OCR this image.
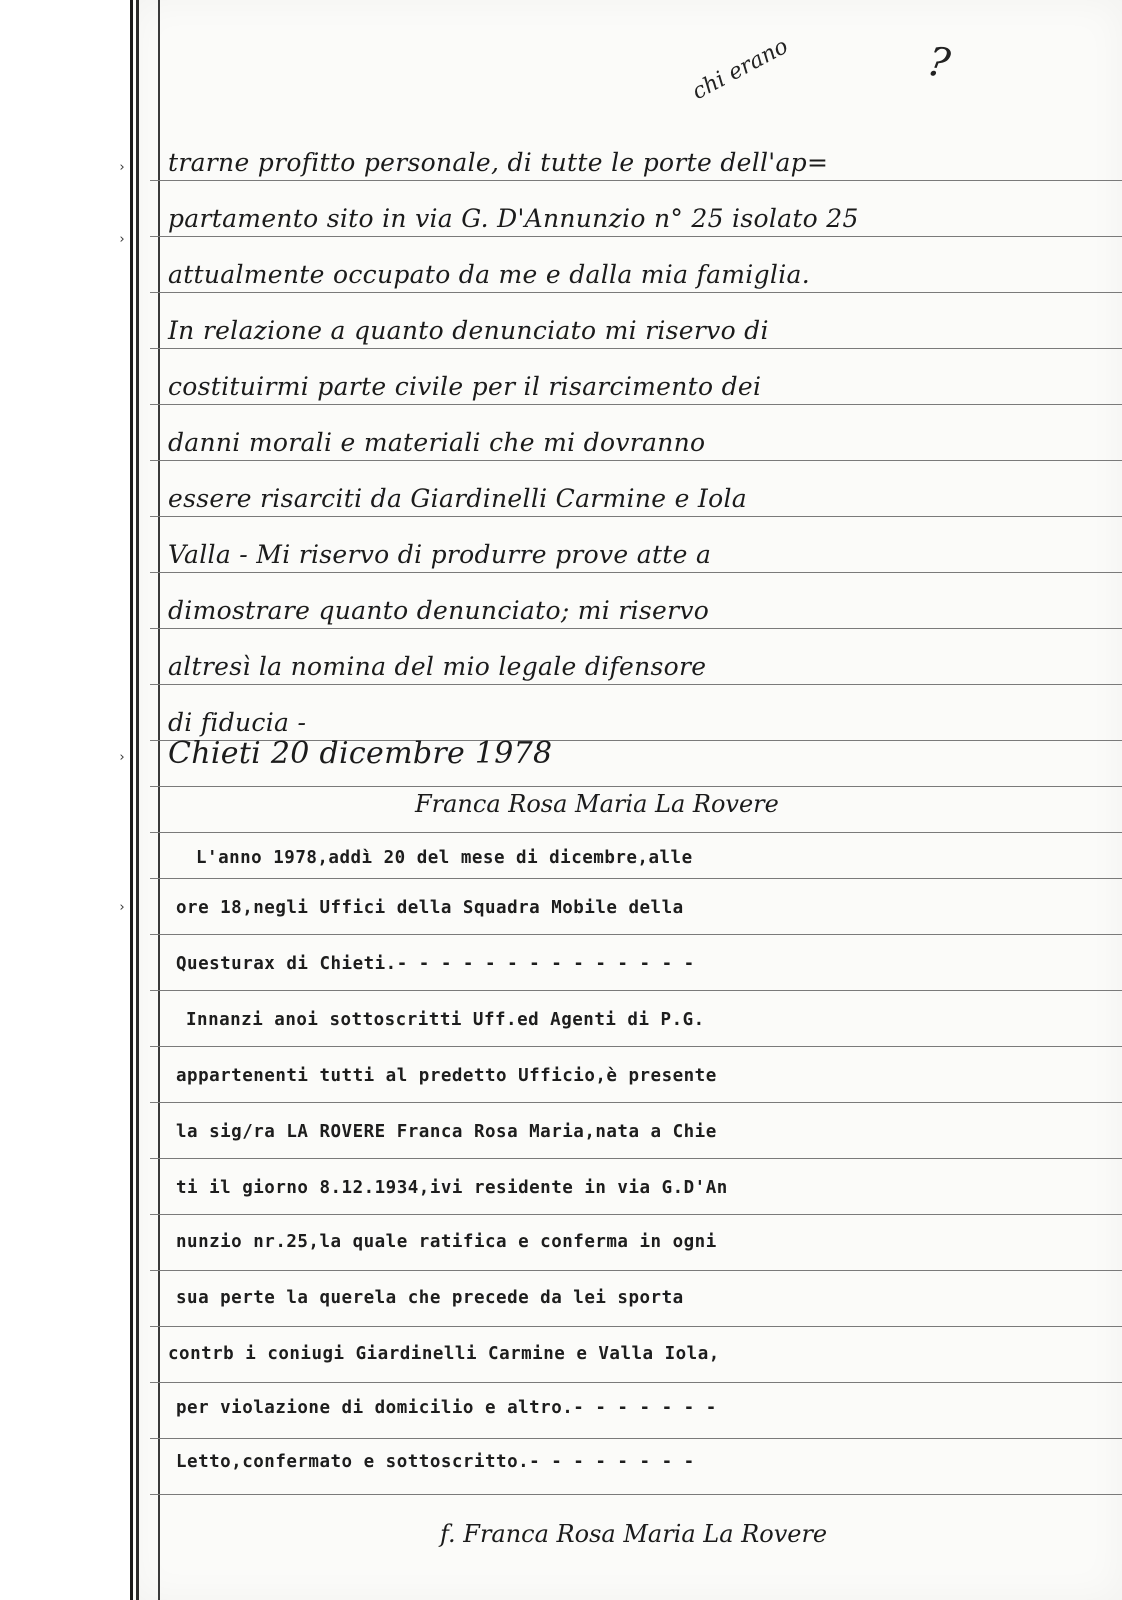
›
›
›
›
chi erano	?
trarne profitto personale, di tutte le porte dell'ap=
partamento sito in via G. D'Annunzio n° 25 isolato 25
attualmente occupato da me e dalla mia famiglia.
In relazione a quanto denunciato mi riservo di
costituirmi parte civile per il risarcimento dei
danni morali e materiali che mi dovranno
essere risarciti da Giardinelli Carmine e Iola
Valla - Mi riservo di produrre prove atte a
dimostrare quanto denunciato; mi riservo
altresì la nomina del mio legale difensore
di fiducia -
Chieti 20 dicembre 1978
Franca Rosa Maria La Rovere
L'anno 1978,addì 20 del mese di dicembre,alle
ore 18,negli Uffici della Squadra Mobile della
Questurax di Chieti.- - - - - - - - - - - - - -
Innanzi anoi sottoscritti Uff.ed Agenti di P.G.
appartenenti tutti al predetto Ufficio,è presente
la sig/ra LA ROVERE Franca Rosa Maria,nata a Chie
ti il giorno 8.12.1934,ivi residente in via G.D'An
nunzio nr.25,la quale ratifica e conferma in ogni
sua perte la querela che precede da lei sporta
contrb i coniugi Giardinelli Carmine e Valla Iola,
per violazione di domicilio e altro.- - - - - - -
Letto,confermato e sottoscritto.- - - - - - - -
f. Franca Rosa Maria La Rovere
